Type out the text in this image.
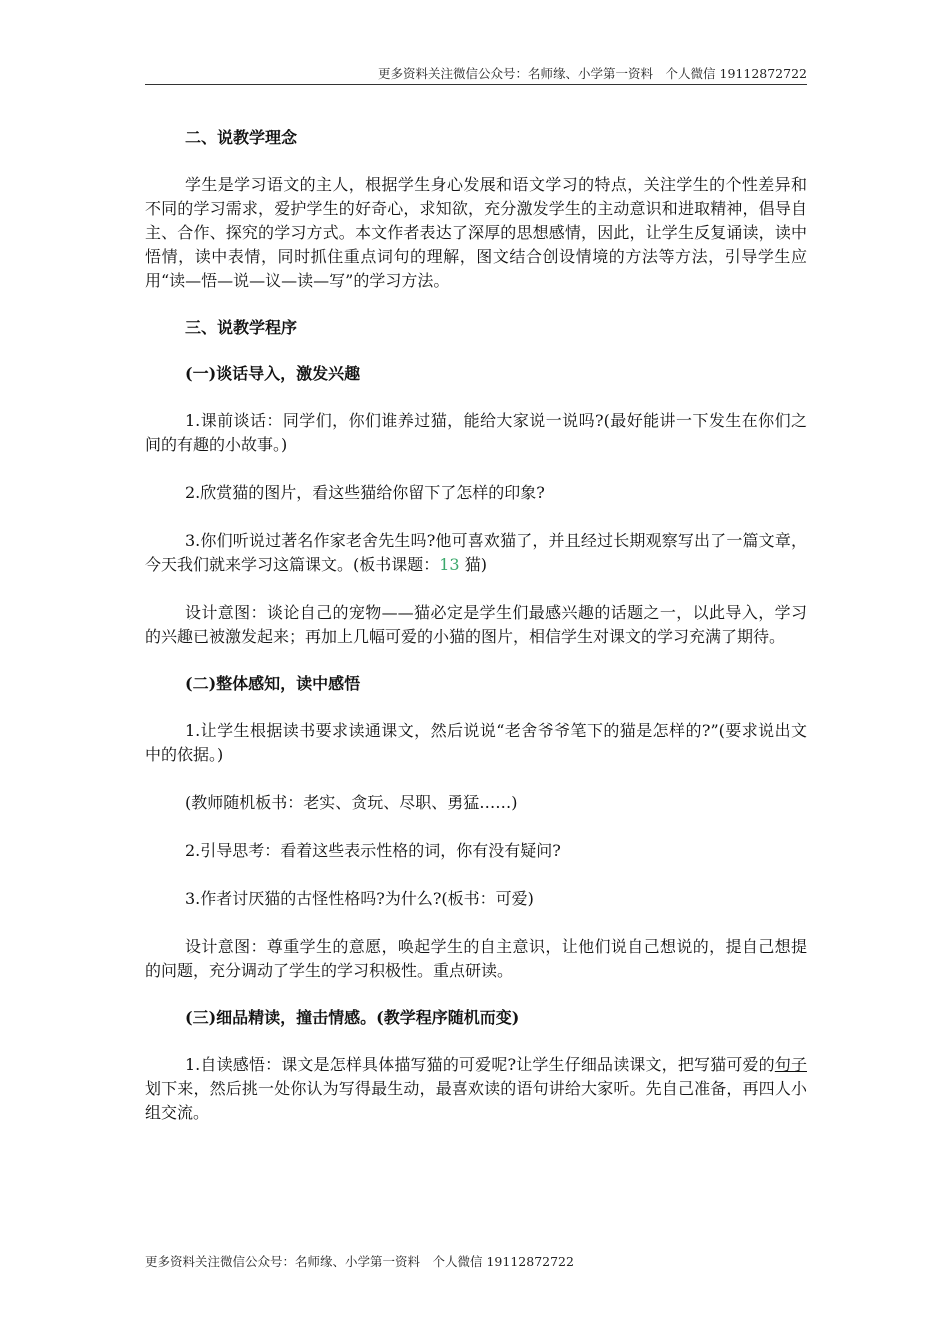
更多资料关注微信公众号：名师缘、小学第一资料　个人微信 19112872722
二、说教学理念

学生是学习语文的主人，根据学生身心发展和语文学习的特点，关注学生的个性差异和不同的学习需求，爱护学生的好奇心，求知欲，充分激发学生的主动意识和进取精神，倡导自主、合作、探究的学习方式。本文作者表达了深厚的思想感情，因此，让学生反复诵读，读中悟情，读中表情，同时抓住重点词句的理解，图文结合创设情境的方法等方法，引导学生应用“读—悟—说—议—读—写”的学习方法。

三、说教学程序
(一)谈话导入，激发兴趣

1.课前谈话：同学们，你们谁养过猫，能给大家说一说吗?(最好能讲一下发生在你们之间的有趣的小故事。)

2.欣赏猫的图片，看这些猫给你留下了怎样的印象?

3.你们听说过著名作家老舍先生吗?他可喜欢猫了，并且经过长期观察写出了一篇文章，今天我们就来学习这篇课文。(板书课题：13 猫)

设计意图：谈论自己的宠物——猫必定是学生们最感兴趣的话题之一，以此导入，学习的兴趣已被激发起来；再加上几幅可爱的小猫的图片，相信学生对课文的学习充满了期待。

(二)整体感知，读中感悟

1.让学生根据读书要求读通课文，然后说说“老舍爷爷笔下的猫是怎样的?”(要求说出文中的依据。)

(教师随机板书：老实、贪玩、尽职、勇猛……)

2.引导思考：看着这些表示性格的词，你有没有疑问?

3.作者讨厌猫的古怪性格吗?为什么?(板书：可爱)

设计意图：尊重学生的意愿，唤起学生的自主意识，让他们说自己想说的，提自己想提的问题，充分调动了学生的学习积极性。重点研读。

(三)细品精读，撞击情感。(教学程序随机而变)

1.自读感悟：课文是怎样具体描写猫的可爱呢?让学生仔细品读课文，把写猫可爱的句子划下来，然后挑一处你认为写得最生动，最喜欢读的语句讲给大家听。先自己准备，再四人小组交流。

更多资料关注微信公众号：名师缘、小学第一资料　个人微信 19112872722
